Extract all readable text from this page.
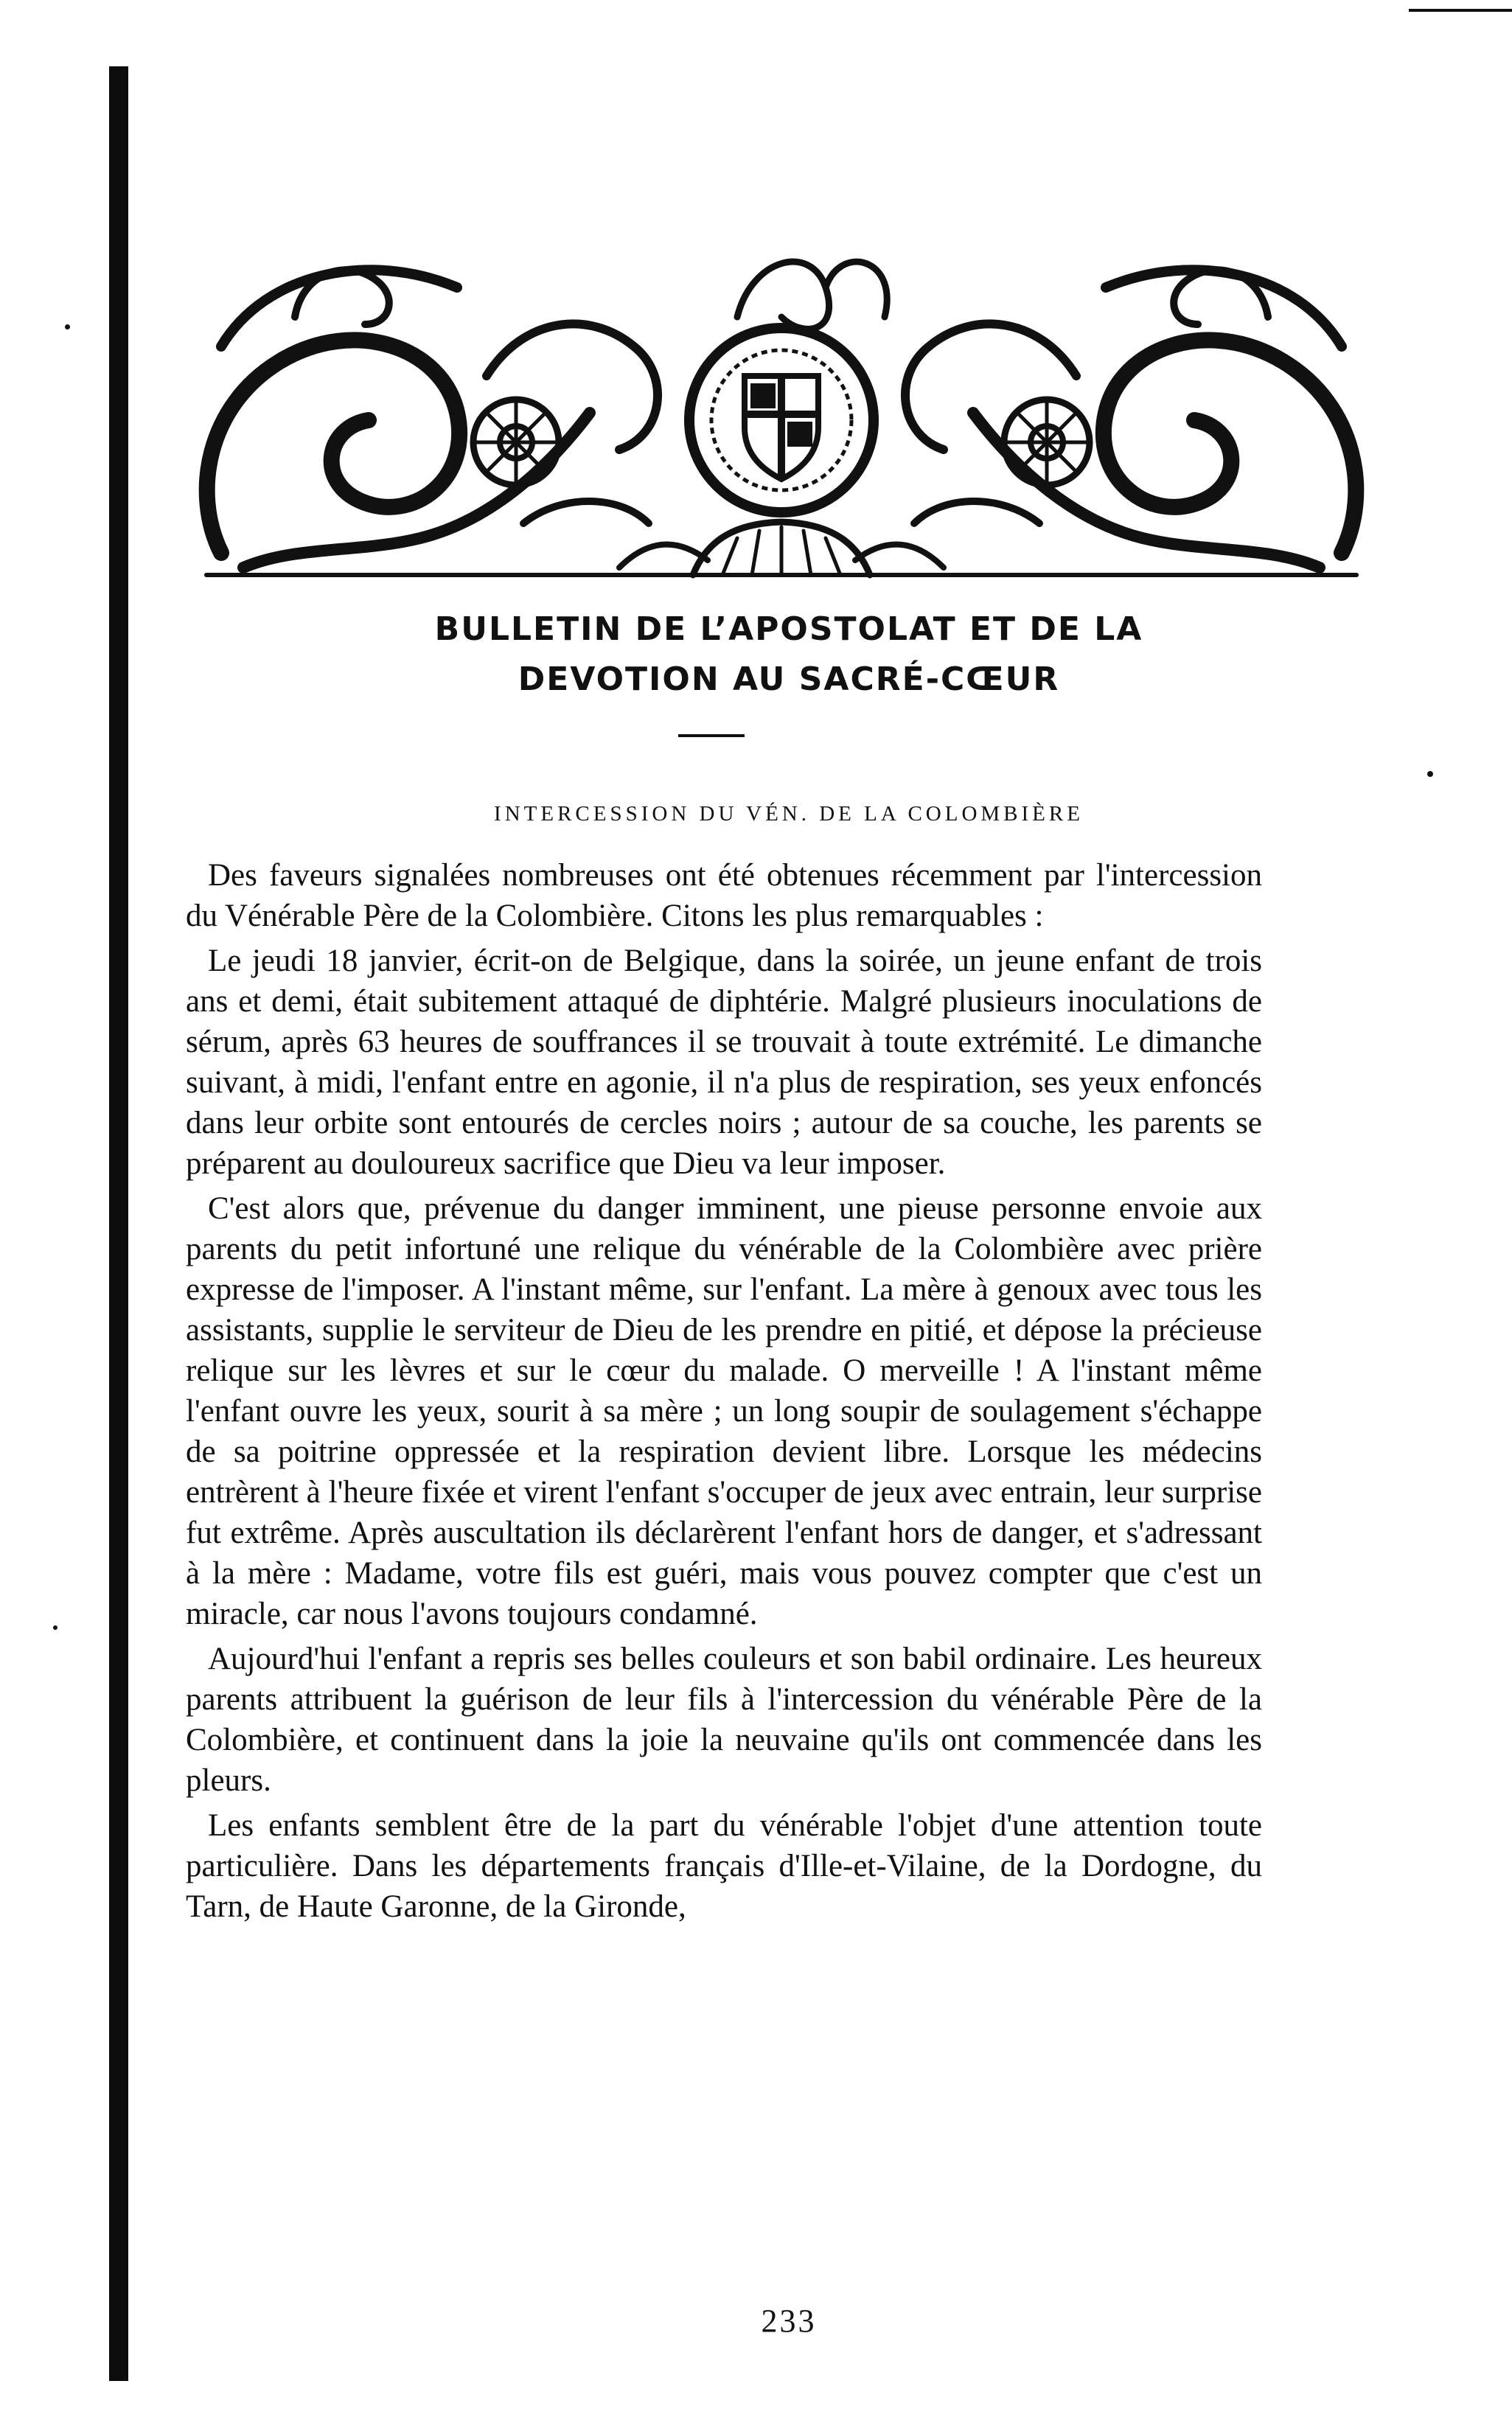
BULLETIN DE L’APOSTOLAT ET DE LA
DEVOTION AU SACRÉ-CŒUR
INTERCESSION DU VÉN. DE LA COLOMBIÈRE

Des faveurs signalées nombreuses ont été obtenues récemment par l'intercession du Vénérable Père de la Colombière. Citons les plus remarquables :

Le jeudi 18 janvier, écrit-on de Belgique, dans la soirée, un jeune enfant de trois ans et demi, était subitement attaqué de diphtérie. Malgré plusieurs inoculations de sérum, après 63 heures de souffrances il se trouvait à toute extrémité. Le dimanche suivant, à midi, l'enfant entre en agonie, il n'a plus de respiration, ses yeux enfoncés dans leur orbite sont entourés de cercles noirs ; autour de sa couche, les parents se préparent au douloureux sacrifice que Dieu va leur imposer.

C'est alors que, prévenue du danger imminent, une pieuse personne envoie aux parents du petit infortuné une relique du vénérable de la Colombière avec prière expresse de l'imposer. A l'instant même, sur l'enfant. La mère à genoux avec tous les assistants, supplie le serviteur de Dieu de les prendre en pitié, et dépose la précieuse relique sur les lèvres et sur le cœur du malade. O merveille ! A l'instant même l'enfant ouvre les yeux, sourit à sa mère ; un long soupir de soulagement s'échappe de sa poitrine oppressée et la respiration devient libre. Lorsque les médecins entrèrent à l'heure fixée et virent l'enfant s'occuper de jeux avec entrain, leur surprise fut extrême. Après auscultation ils déclarèrent l'enfant hors de danger, et s'adressant à la mère : Madame, votre fils est guéri, mais vous pouvez compter que c'est un miracle, car nous l'avons toujours condamné.

Aujourd'hui l'enfant a repris ses belles couleurs et son babil ordinaire. Les heureux parents attribuent la guérison de leur fils à l'intercession du vénérable Père de la Colombière, et continuent dans la joie la neuvaine qu'ils ont commencée dans les pleurs.

Les enfants semblent être de la part du vénérable l'objet d'une attention toute particulière. Dans les départements français d'Ille-et-Vilaine, de la Dordogne, du Tarn, de Haute Garonne, de la Gironde,

233
